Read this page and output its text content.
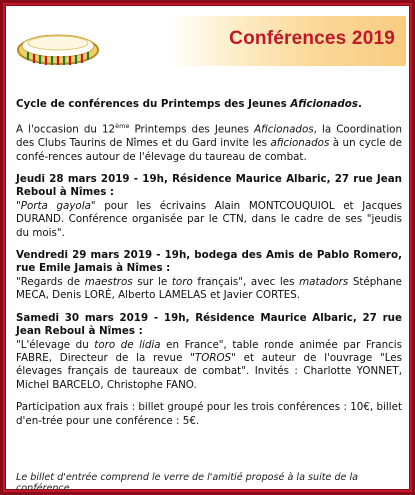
Conférences 2019

Cycle de conférences du Printemps des Jeunes Aficionados.

A l'occasion du 12ème Printemps des Jeunes Aficionados, la Coordination des Clubs Taurins de Nîmes et du Gard invite les aficionados à un cycle de confé-rences autour de l'élevage du taureau de combat.

Jeudi 28 mars 2019 - 19h, Résidence Maurice Albaric, 27 rue Jean Reboul à Nîmes :
"Porta gayola" pour les écrivains Alain MONTCOUQUIOL et Jacques DURAND. Conférence organisée par le CTN, dans le cadre de ses "jeudis du mois".

Vendredi 29 mars 2019 - 19h, bodega des Amis de Pablo Romero, rue Emile Jamais à Nîmes :
"Regards de maestros sur le toro français", avec les matadors Stéphane MECA, Denis LORÉ, Alberto LAMELAS et Javier CORTES.

Samedi 30 mars 2019 - 19h, Résidence Maurice Albaric, 27 rue Jean Reboul à Nîmes :
"L'élevage du toro de lidia en France", table ronde animée par Francis FABRE, Directeur de la revue "TOROS" et auteur de l'ouvrage "Les élevages français de taureaux de combat". Invités : Charlotte YONNET, Michel BARCELO, Christophe FANO.

Participation aux frais : billet groupé pour les trois conférences : 10€, billet d'en-trée pour une conférence : 5€.

Le billet d'entrée comprend le verre de l'amitié proposé à la suite de la conférence.
